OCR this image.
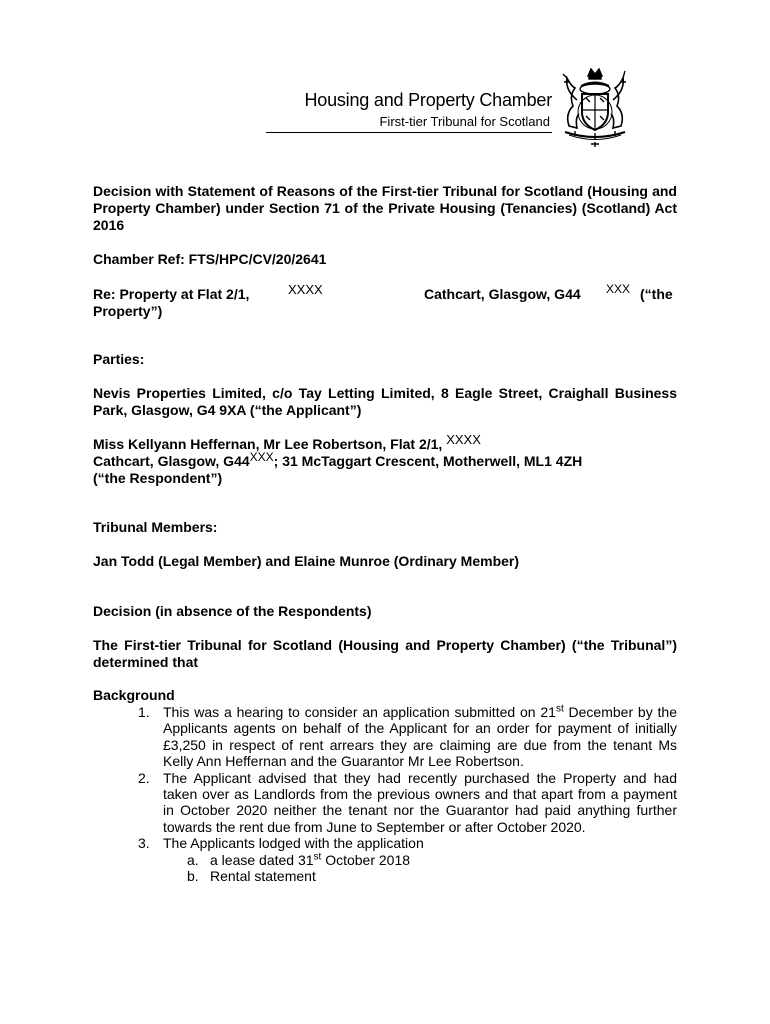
Housing and Property Chamber
First-tier Tribunal for Scotland
Decision with Statement of Reasons of the First-tier Tribunal for Scotland (Housing and Property Chamber) under Section 71 of the Private Housing (Tenancies) (Scotland) Act 2016
Chamber Ref: FTS/HPC/CV/20/2641
Re: Property at Flat 2/1,	XXXX	Cathcart, Glasgow, G44 XXX (“the
Property”)
Parties:
Nevis Properties Limited, c/o Tay Letting Limited, 8 Eagle Street, Craighall Business Park, Glasgow, G4 9XA (“the Applicant”)
Miss Kellyann Heffernan, Mr Lee Robertson, Flat 2/1, XXXX
Cathcart, Glasgow, G44XXX; 31 McTaggart Crescent, Motherwell, ML1 4ZH
(“the Respondent”)
Tribunal Members:
Jan Todd (Legal Member) and Elaine Munroe (Ordinary Member)
Decision (in absence of the Respondents)
The First-tier Tribunal for Scotland (Housing and Property Chamber) (“the Tribunal”) determined that
Background
1. This was a hearing to consider an application submitted on 21st December by the Applicants agents on behalf of the Applicant for an order for payment of initially £3,250 in respect of rent arrears they are claiming are due from the tenant Ms Kelly Ann Heffernan and the Guarantor Mr Lee Robertson.
2. The Applicant advised that they had recently purchased the Property and had taken over as Landlords from the previous owners and that apart from a payment in October 2020 neither the tenant nor the Guarantor had paid anything further towards the rent due from June to September or after October 2020.
3. The Applicants lodged with the application
a. a lease dated 31st October 2018
b. Rental statement
